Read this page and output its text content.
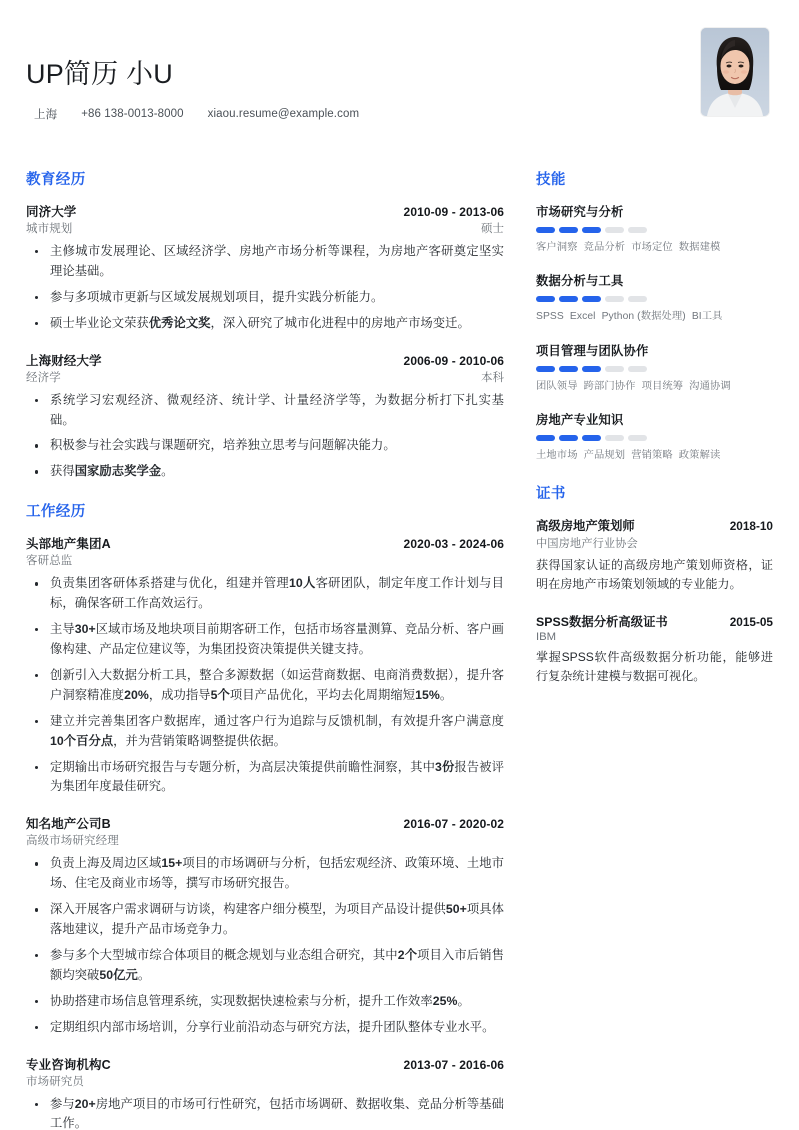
UP简历 小U
上海 +86 138-0013-8000 xiaou.resume@example.com
教育经历
同济大学	2010-09 - 2013-06
城市规划	硕士
主修城市发展理论、区域经济学、房地产市场分析等课程，为房地产客研奠定坚实理论基础。
参与多项城市更新与区域发展规划项目，提升实践分析能力。
硕士毕业论文荣获优秀论文奖，深入研究了城市化进程中的房地产市场变迁。
上海财经大学	2006-09 - 2010-06
经济学	本科
系统学习宏观经济、微观经济、统计学、计量经济学等，为数据分析打下扎实基础。
积极参与社会实践与课题研究，培养独立思考与问题解决能力。
获得国家励志奖学金。
工作经历
头部地产集团A	2020-03 - 2024-06
客研总监
负责集团客研体系搭建与优化，组建并管理10人客研团队，制定年度工作计划与目标，确保客研工作高效运行。
主导30+区域市场及地块项目前期客研工作，包括市场容量测算、竞品分析、客户画像构建、产品定位建议等，为集团投资决策提供关键支持。
创新引入大数据分析工具，整合多源数据（如运营商数据、电商消费数据），提升客户洞察精准度20%，成功指导5个项目产品优化，平均去化周期缩短15%。
建立并完善集团客户数据库，通过客户行为追踪与反馈机制，有效提升客户满意度10个百分点，并为营销策略调整提供依据。
定期输出市场研究报告与专题分析，为高层决策提供前瞻性洞察，其中3份报告被评为集团年度最佳研究。
知名地产公司B	2016-07 - 2020-02
高级市场研究经理
负责上海及周边区域15+项目的市场调研与分析，包括宏观经济、政策环境、土地市场、住宅及商业市场等，撰写市场研究报告。
深入开展客户需求调研与访谈，构建客户细分模型，为项目产品设计提供50+项具体落地建议，提升产品市场竞争力。
参与多个大型城市综合体项目的概念规划与业态组合研究，其中2个项目入市后销售额均突破50亿元。
协助搭建市场信息管理系统，实现数据快速检索与分析，提升工作效率25%。
定期组织内部市场培训，分享行业前沿动态与研究方法，提升团队整体专业水平。
专业咨询机构C	2013-07 - 2016-06
市场研究员
参与20+房地产项目的市场可行性研究，包括市场调研、数据收集、竞品分析等基础工作。
技能
市场研究与分析
客户洞察 竞品分析 市场定位 数据建模
数据分析与工具
SPSS Excel Python (数据处理) BI工具
项目管理与团队协作
团队领导 跨部门协作 项目统筹 沟通协调
房地产专业知识
土地市场 产品规划 营销策略 政策解读
证书
高级房地产策划师	2018-10
中国房地产行业协会
获得国家认证的高级房地产策划师资格，证明在房地产市场策划领域的专业能力。
SPSS数据分析高级证书	2015-05
IBM
掌握SPSS软件高级数据分析功能，能够进行复杂统计建模与数据可视化。
